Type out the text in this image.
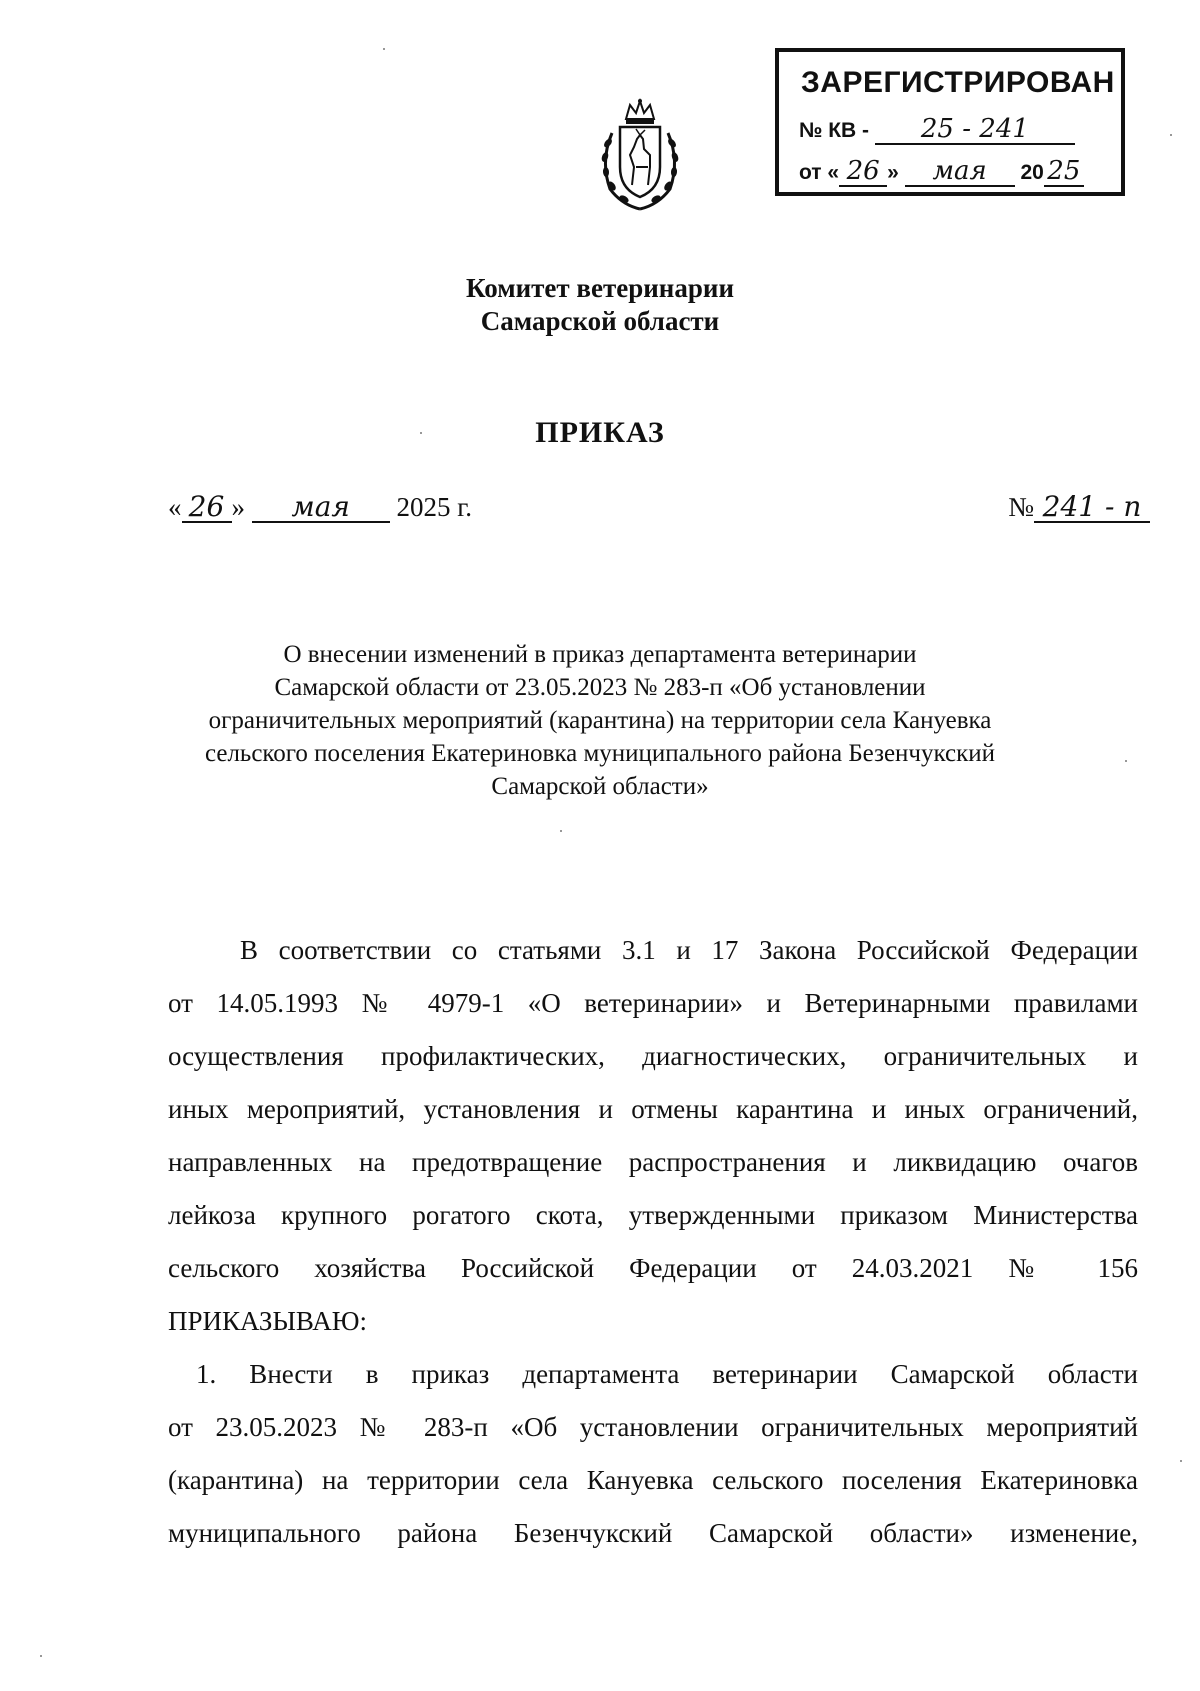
ЗАРЕГИСТРИРОВАН
№ КВ - 25 - 241
от « 26 » мая 20 25
Комитет ветеринарии
Самарской области
ПРИКАЗ
« 26 » мая 2025 г.	№ 241 - п
О внесении изменений в приказ департамента ветеринарии
Самарской области от 23.05.2023 № 283-п «Об установлении
ограничительных мероприятий (карантина) на территории села Кануевка
сельского поселения Екатериновка муниципального района Безенчукский
Самарской области»
В соответствии со статьями 3.1 и 17 Закона Российской Федерации
от 14.05.1993 № 4979-1 «О ветеринарии» и Ветеринарными правилами
осуществления профилактических, диагностических, ограничительных и
иных мероприятий, установления и отмены карантина и иных ограничений,
направленных на предотвращение распространения и ликвидацию очагов
лейкоза крупного рогатого скота, утвержденными приказом Министерства
сельского хозяйства Российской Федерации от 24.03.2021 № 156
ПРИКАЗЫВАЮ:
1. Внести в приказ департамента ветеринарии Самарской области
от 23.05.2023 № 283-п «Об установлении ограничительных мероприятий
(карантина) на территории села Кануевка сельского поселения Екатериновка
муниципального района Безенчукский Самарской области» изменение,
